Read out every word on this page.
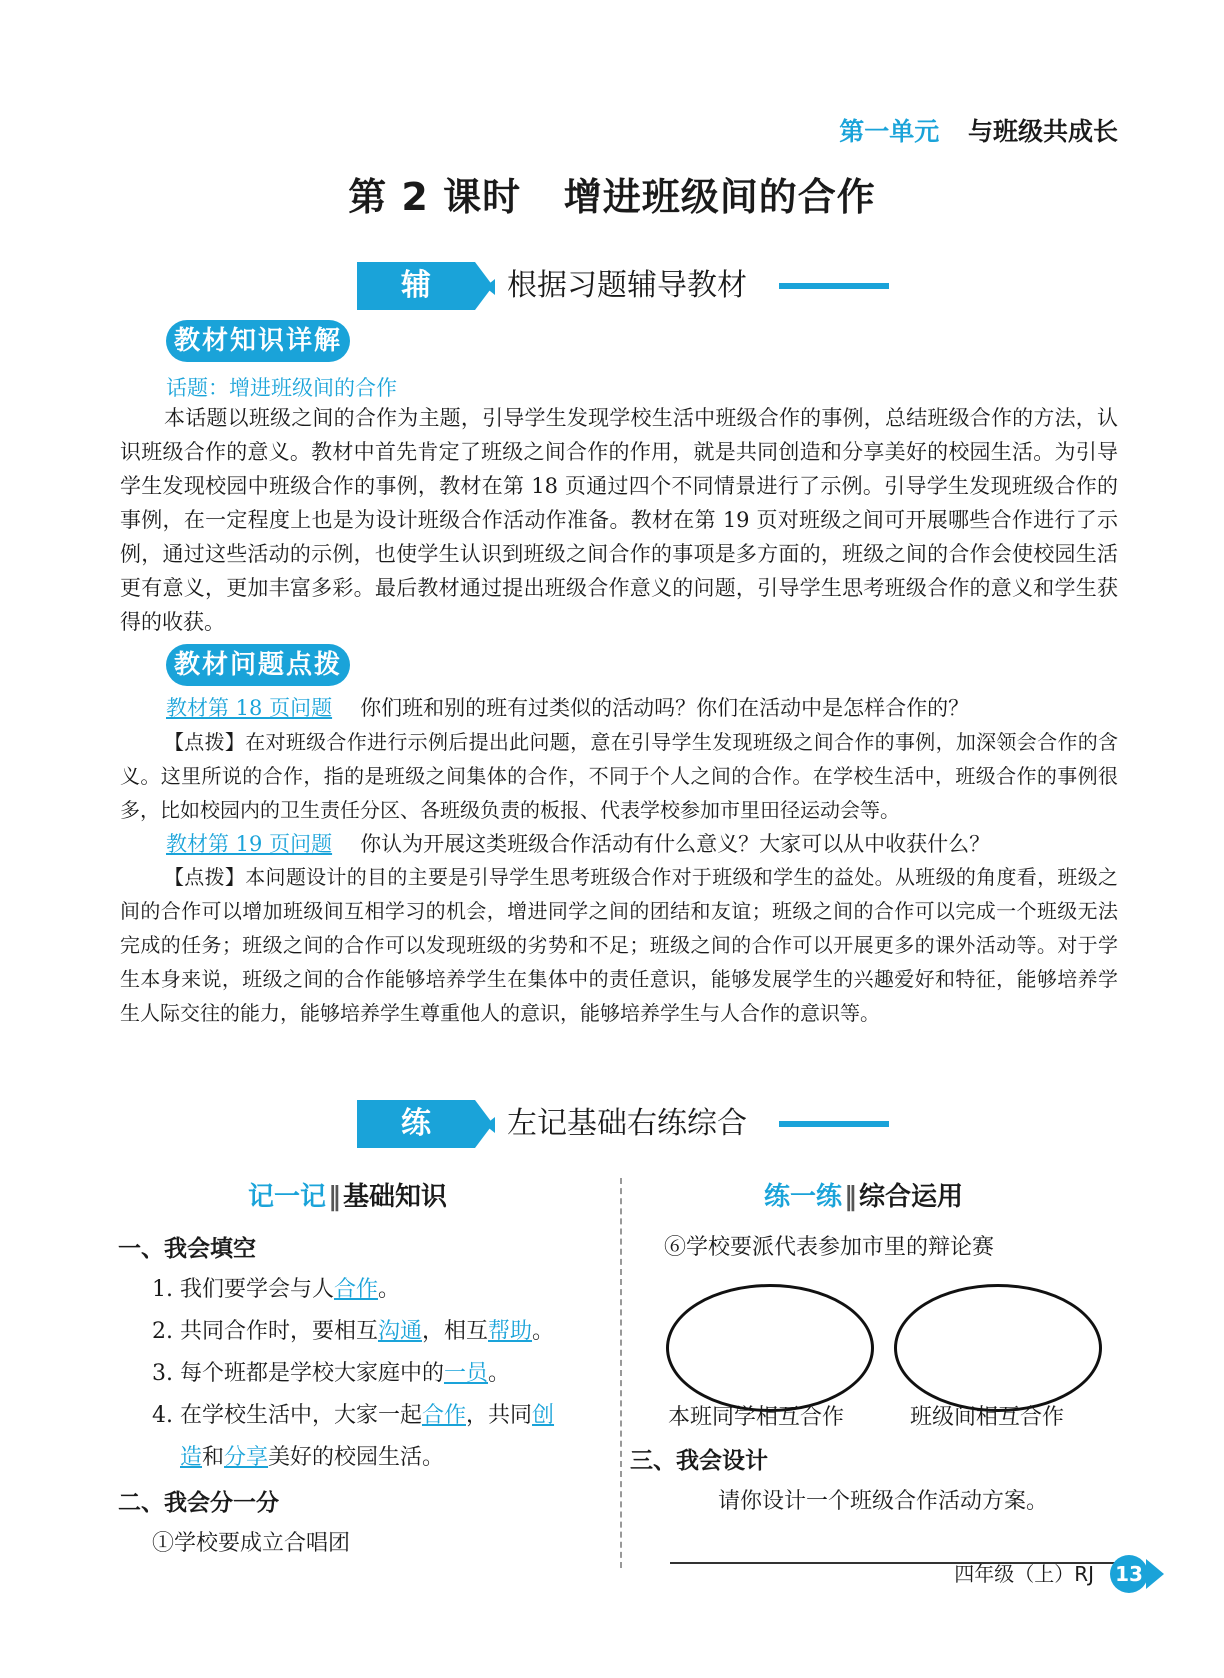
第一单元 与班级共成长
第 2 课时   增进班级间的合作
辅 导
根据习题辅导教材
教材知识详解
话题：增进班级间的合作

本话题以班级之间的合作为主题，引导学生发现学校生活中班级合作的事例，总结班级合作的方法，认识班级合作的意义。教材中首先肯定了班级之间合作的作用，就是共同创造和分享美好的校园生活。为引导学生发现校园中班级合作的事例，教材在第 18 页通过四个不同情景进行了示例。引导学生发现班级合作的事例，在一定程度上也是为设计班级合作活动作准备。教材在第 19 页对班级之间可开展哪些合作进行了示例，通过这些活动的示例，也使学生认识到班级之间合作的事项是多方面的，班级之间的合作会使校园生活更有意义，更加丰富多彩。最后教材通过提出班级合作意义的问题，引导学生思考班级合作的意义和学生获得的收获。

教材问题点拨
教材第 18 页问题 你们班和别的班有过类似的活动吗？你们在活动中是怎样合作的？

【点拨】在对班级合作进行示例后提出此问题，意在引导学生发现班级之间合作的事例，加深领会合作的含义。这里所说的合作，指的是班级之间集体的合作，不同于个人之间的合作。在学校生活中，班级合作的事例很多，比如校园内的卫生责任分区、各班级负责的板报、代表学校参加市里田径运动会等。

教材第 19 页问题 你认为开展这类班级合作活动有什么意义？大家可以从中收获什么？

【点拨】本问题设计的目的主要是引导学生思考班级合作对于班级和学生的益处。从班级的角度看，班级之间的合作可以增加班级间互相学习的机会，增进同学之间的团结和友谊；班级之间的合作可以完成一个班级无法完成的任务；班级之间的合作可以发现班级的劣势和不足；班级之间的合作可以开展更多的课外活动等。对于学生本身来说，班级之间的合作能够培养学生在集体中的责任意识，能够发展学生的兴趣爱好和特征，能够培养学生人际交往的能力，能够培养学生尊重他人的意识，能够培养学生与人合作的意识等。

练 习
左记基础右练综合
记一记‖基础知识	练一练‖综合运用
一、我会填空
1. 我们要学会与人合作。
2. 共同合作时，要相互沟通，相互帮助。
3. 每个班都是学校大家庭中的一员。
4. 在学校生活中，大家一起合作，共同创
造和分享美好的校园生活。
二、我会分一分
①学校要成立合唱团
⑥学校要派代表参加市里的辩论赛
本班同学相互合作	班级间相互合作
三、我会设计
请你设计一个班级合作活动方案。
四年级（上）RJ 13
